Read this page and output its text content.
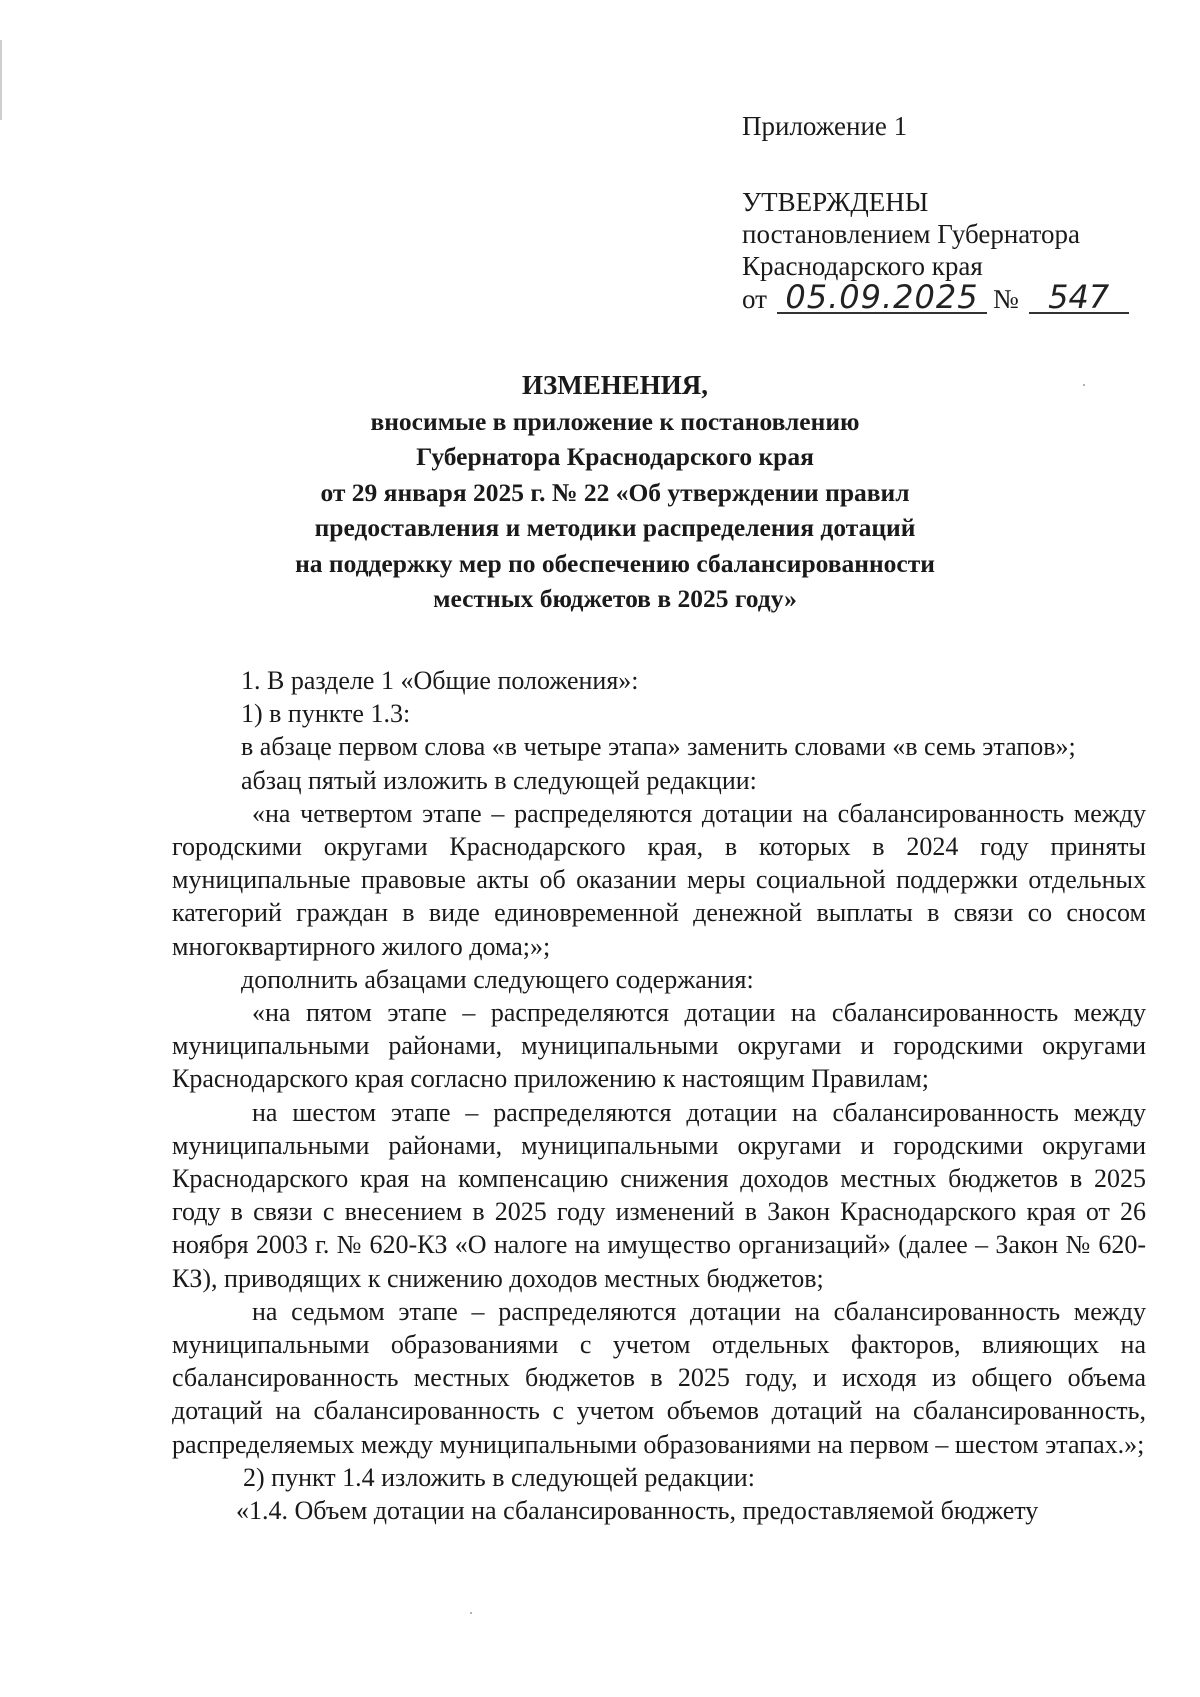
Приложение 1
УТВЕРЖДЕНЫ
постановлением Губернатора
Краснодарского края
от 05.09.2025 № 547
ИЗМЕНЕНИЯ,
вносимые в приложение к постановлению
Губернатора Краснодарского края
от 29 января 2025 г. № 22 «Об утверждении правил
предоставления и методики распределения дотаций
на поддержку мер по обеспечению сбалансированности
местных бюджетов в 2025 году»

1. В разделе 1 «Общие положения»:

1) в пункте 1.3:

в абзаце первом слова «в четыре этапа» заменить словами «в семь этапов»;

абзац пятый изложить в следующей редакции:

«на четвертом этапе – распределяются дотации на сбалансированность между городскими округами Краснодарского края, в которых в 2024 году приняты муниципальные правовые акты об оказании меры социальной поддержки отдельных категорий граждан в виде единовременной денежной выплаты в связи со сносом многоквартирного жилого дома;»;

дополнить абзацами следующего содержания:

«на пятом этапе – распределяются дотации на сбалансированность между муниципальными районами, муниципальными округами и городскими округами Краснодарского края согласно приложению к настоящим Правилам;

на шестом этапе – распределяются дотации на сбалансированность между муниципальными районами, муниципальными округами и городскими округами Краснодарского края на компенсацию снижения доходов местных бюджетов в 2025 году в связи с внесением в 2025 году изменений в Закон Краснодарского края от 26 ноября 2003 г. № 620-КЗ «О налоге на имущество организаций» (далее – Закон № 620-КЗ), приводящих к снижению доходов местных бюджетов;

на седьмом этапе – распределяются дотации на сбалансированность между муниципальными образованиями с учетом отдельных факторов, влияющих на сбалансированность местных бюджетов в 2025 году, и исходя из общего объема дотаций на сбалансированность с учетом объемов дотаций на сбалансированность, распределяемых между муниципальными образованиями на первом – шестом этапах.»;

2) пункт 1.4 изложить в следующей редакции:

«1.4. Объем дотации на сбалансированность, предоставляемой бюджету
